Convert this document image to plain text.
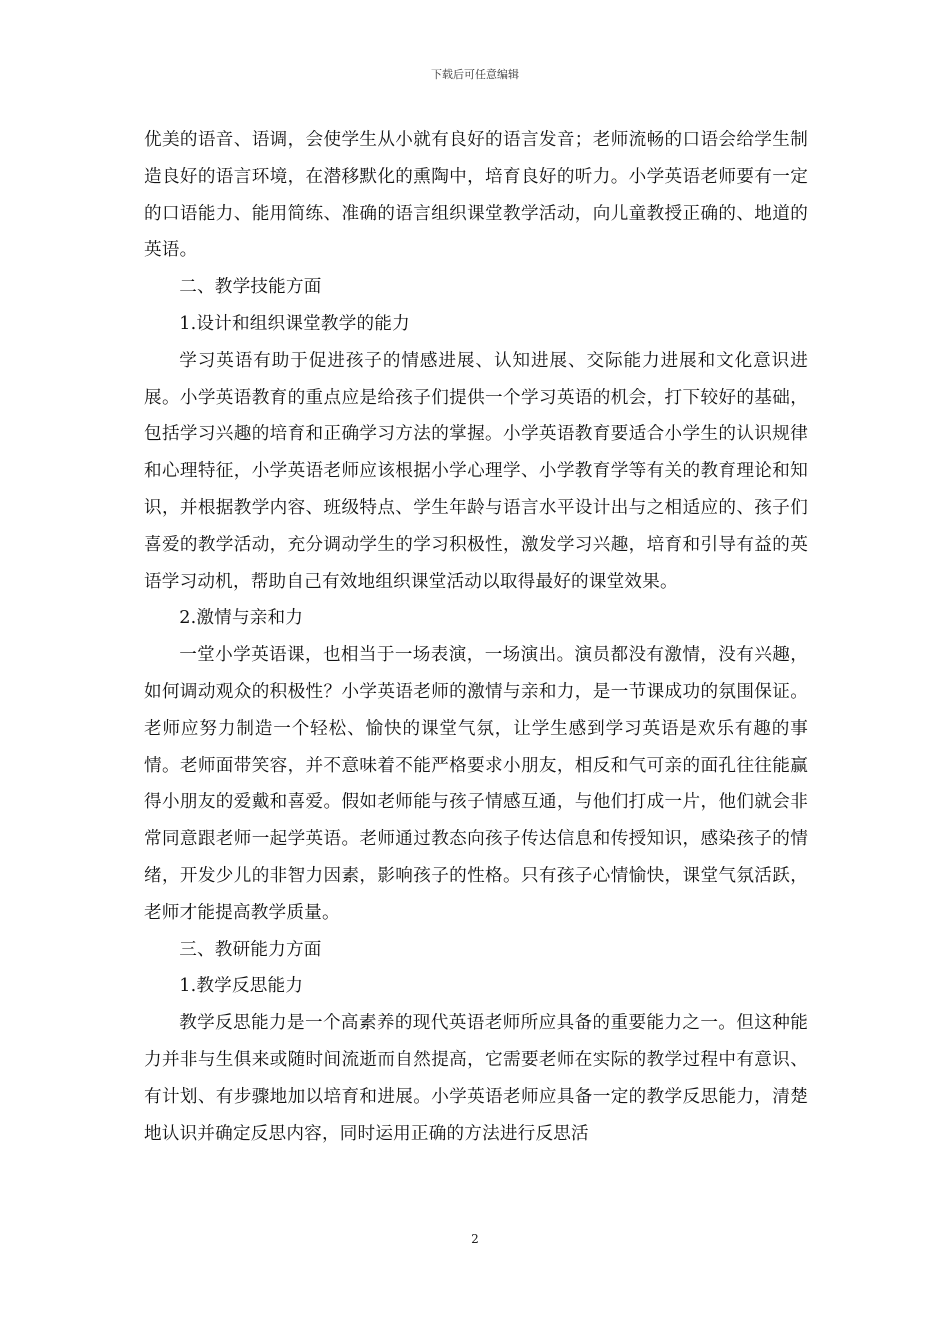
下载后可任意编辑

优美的语音、语调，会使学生从小就有良好的语言发音；老师流畅的口语会给学生制造良好的语言环境，在潜移默化的熏陶中，培育良好的听力。小学英语老师要有一定的口语能力、能用简练、准确的语言组织课堂教学活动，向儿童教授正确的、地道的英语。

二、教学技能方面

1.设计和组织课堂教学的能力

学习英语有助于促进孩子的情感进展、认知进展、交际能力进展和文化意识进展。小学英语教育的重点应是给孩子们提供一个学习英语的机会，打下较好的基础，包括学习兴趣的培育和正确学习方法的掌握。小学英语教育要适合小学生的认识规律和心理特征，小学英语老师应该根据小学心理学、小学教育学等有关的教育理论和知识，并根据教学内容、班级特点、学生年龄与语言水平设计出与之相适应的、孩子们喜爱的教学活动，充分调动学生的学习积极性，激发学习兴趣，培育和引导有益的英语学习动机，帮助自己有效地组织课堂活动以取得最好的课堂效果。

2.激情与亲和力

一堂小学英语课，也相当于一场表演，一场演出。演员都没有激情，没有兴趣，如何调动观众的积极性？小学英语老师的激情与亲和力，是一节课成功的氛围保证。老师应努力制造一个轻松、愉快的课堂气氛，让学生感到学习英语是欢乐有趣的事情。老师面带笑容，并不意味着不能严格要求小朋友，相反和气可亲的面孔往往能赢得小朋友的爱戴和喜爱。假如老师能与孩子情感互通，与他们打成一片，他们就会非常同意跟老师一起学英语。老师通过教态向孩子传达信息和传授知识，感染孩子的情绪，开发少儿的非智力因素，影响孩子的性格。只有孩子心情愉快，课堂气氛活跃，老师才能提高教学质量。

三、教研能力方面

1.教学反思能力

教学反思能力是一个高素养的现代英语老师所应具备的重要能力之一。但这种能力并非与生俱来或随时间流逝而自然提高，它需要老师在实际的教学过程中有意识、有计划、有步骤地加以培育和进展。小学英语老师应具备一定的教学反思能力，清楚地认识并确定反思内容，同时运用正确的方法进行反思活

2
